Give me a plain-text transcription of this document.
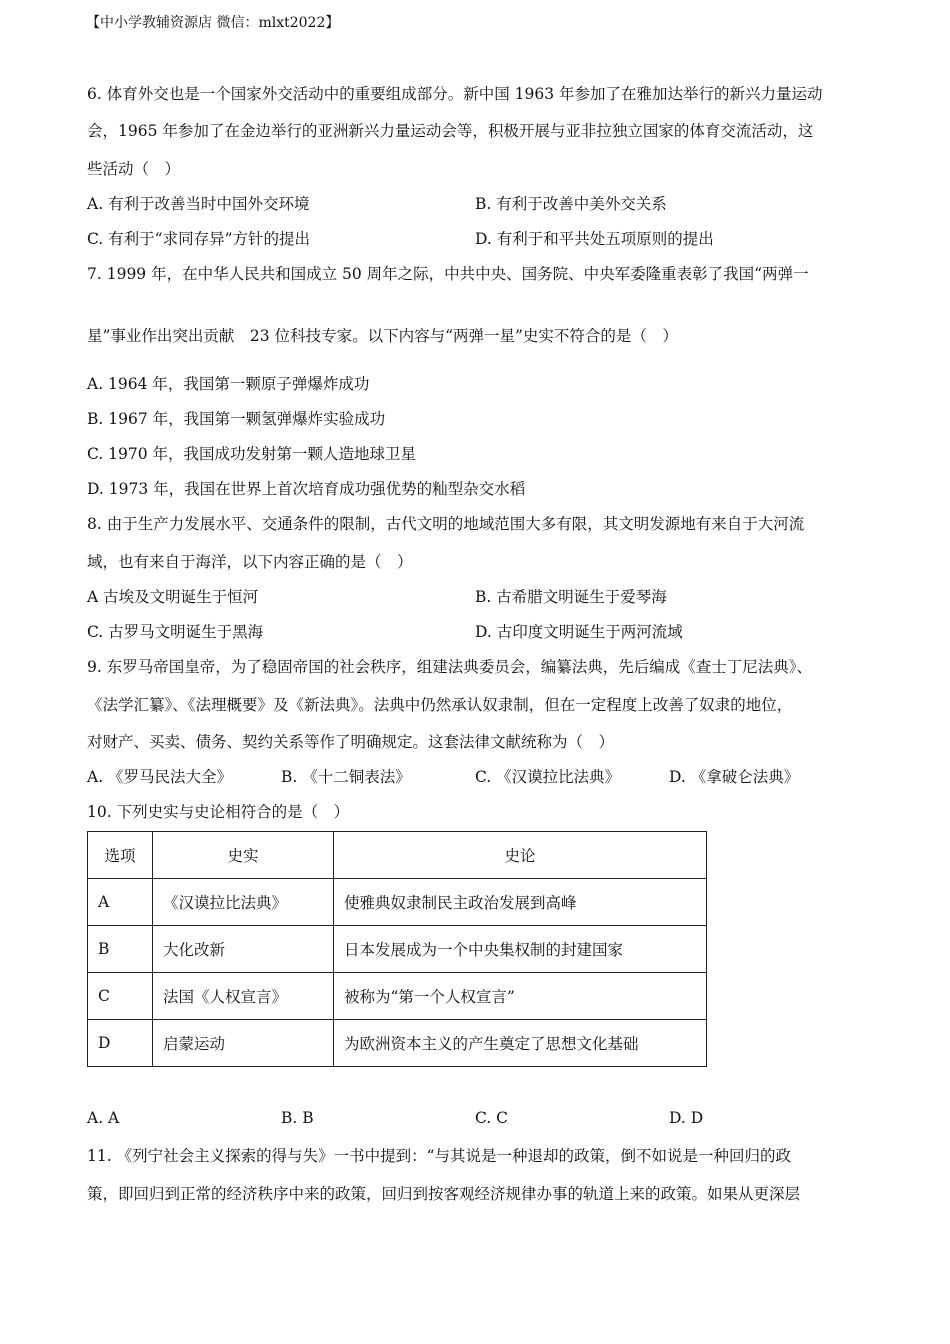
【中小学教辅资源店 微信：mlxt2022】
6. 体育外交也是一个国家外交活动中的重要组成部分。新中国 1963 年参加了在雅加达举行的新兴力量运动
会，1965 年参加了在金边举行的亚洲新兴力量运动会等，积极开展与亚非拉独立国家的体育交流活动，这
些活动（　）
A. 有利于改善当时中国外交环境	B. 有利于改善中美外交关系
C. 有利于“求同存异”方针的提出	D. 有利于和平共处五项原则的提出
7. 1999 年，在中华人民共和国成立 50 周年之际，中共中央、国务院、中央军委隆重表彰了我国“两弹一
星”事业作出突出贡献　23 位科技专家。以下内容与“两弹一星”史实不符合的是（　）
A. 1964 年，我国第一颗原子弹爆炸成功
B. 1967 年，我国第一颗氢弹爆炸实验成功
C. 1970 年，我国成功发射第一颗人造地球卫星
D. 1973 年，我国在世界上首次培育成功强优势的籼型杂交水稻
8. 由于生产力发展水平、交通条件的限制，古代文明的地域范围大多有限，其文明发源地有来自于大河流
域，也有来自于海洋，以下内容正确的是（　）
A 古埃及文明诞生于恒河	B. 古希腊文明诞生于爱琴海
C. 古罗马文明诞生于黑海	D. 古印度文明诞生于两河流域
9. 东罗马帝国皇帝，为了稳固帝国的社会秩序，组建法典委员会，编纂法典，先后编成《查士丁尼法典》、
《法学汇纂》、《法理概要》及《新法典》。法典中仍然承认奴隶制，但在一定程度上改善了奴隶的地位，
对财产、买卖、债务、契约关系等作了明确规定。这套法律文献统称为（　）
A. 《罗马民法大全》	B. 《十二铜表法》	C. 《汉谟拉比法典》	D. 《拿破仑法典》
10. 下列史实与史论相符合的是（　）
选项	史实	史论
A	《汉谟拉比法典》	使雅典奴隶制民主政治发展到高峰
B	大化改新	日本发展成为一个中央集权制的封建国家
C	法国《人权宣言》	被称为“第一个人权宣言”
D	启蒙运动	为欧洲资本主义的产生奠定了思想文化基础
A. A	B. B	C. C	D. D
11. 《列宁社会主义探索的得与失》一书中提到：“与其说是一种退却的政策，倒不如说是一种回归的政
策，即回归到正常的经济秩序中来的政策，回归到按客观经济规律办事的轨道上来的政策。如果从更深层
